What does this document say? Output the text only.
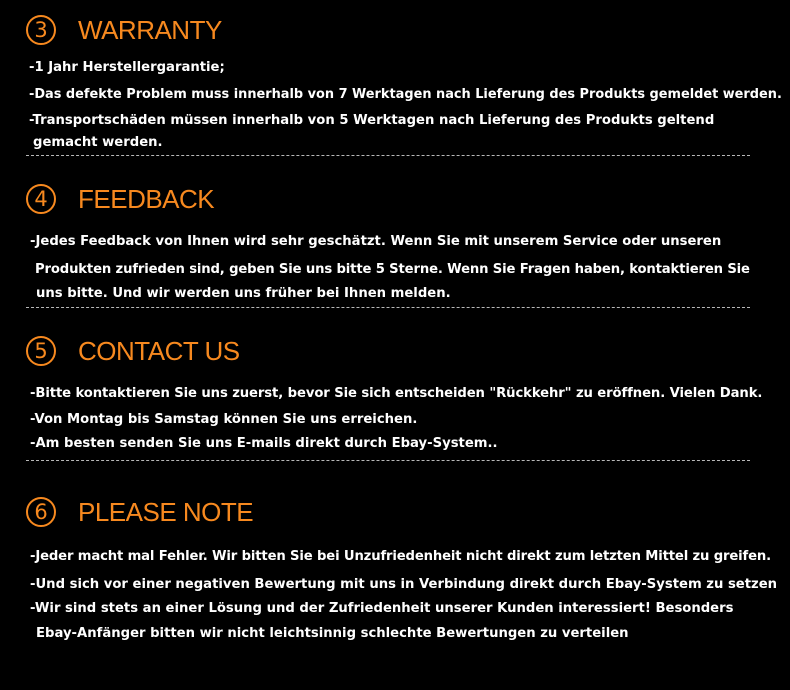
3	WARRANTY
-1 Jahr Herstellergarantie;
-Das defekte Problem muss innerhalb von 7 Werktagen nach Lieferung des Produkts gemeldet werden.
-Transportschäden müssen innerhalb von 5 Werktagen nach Lieferung des Produkts geltend
gemacht werden.
4	FEEDBACK
-Jedes Feedback von Ihnen wird sehr geschätzt. Wenn Sie mit unserem Service oder unseren
Produkten zufrieden sind, geben Sie uns bitte 5 Sterne. Wenn Sie Fragen haben, kontaktieren Sie
uns bitte. Und wir werden uns früher bei Ihnen melden.
5	CONTACT US
-Bitte kontaktieren Sie uns zuerst, bevor Sie sich entscheiden "Rückkehr" zu eröffnen. Vielen Dank.
-Von Montag bis Samstag können Sie uns erreichen.
-Am besten senden Sie uns E-mails direkt durch Ebay-System..
6	PLEASE NOTE
-Jeder macht mal Fehler. Wir bitten Sie bei Unzufriedenheit nicht direkt zum letzten Mittel zu greifen.
-Und sich vor einer negativen Bewertung mit uns in Verbindung direkt durch Ebay-System zu setzen
-Wir sind stets an einer Lösung und der Zufriedenheit unserer Kunden interessiert! Besonders
Ebay-Anfänger bitten wir nicht leichtsinnig schlechte Bewertungen zu verteilen
